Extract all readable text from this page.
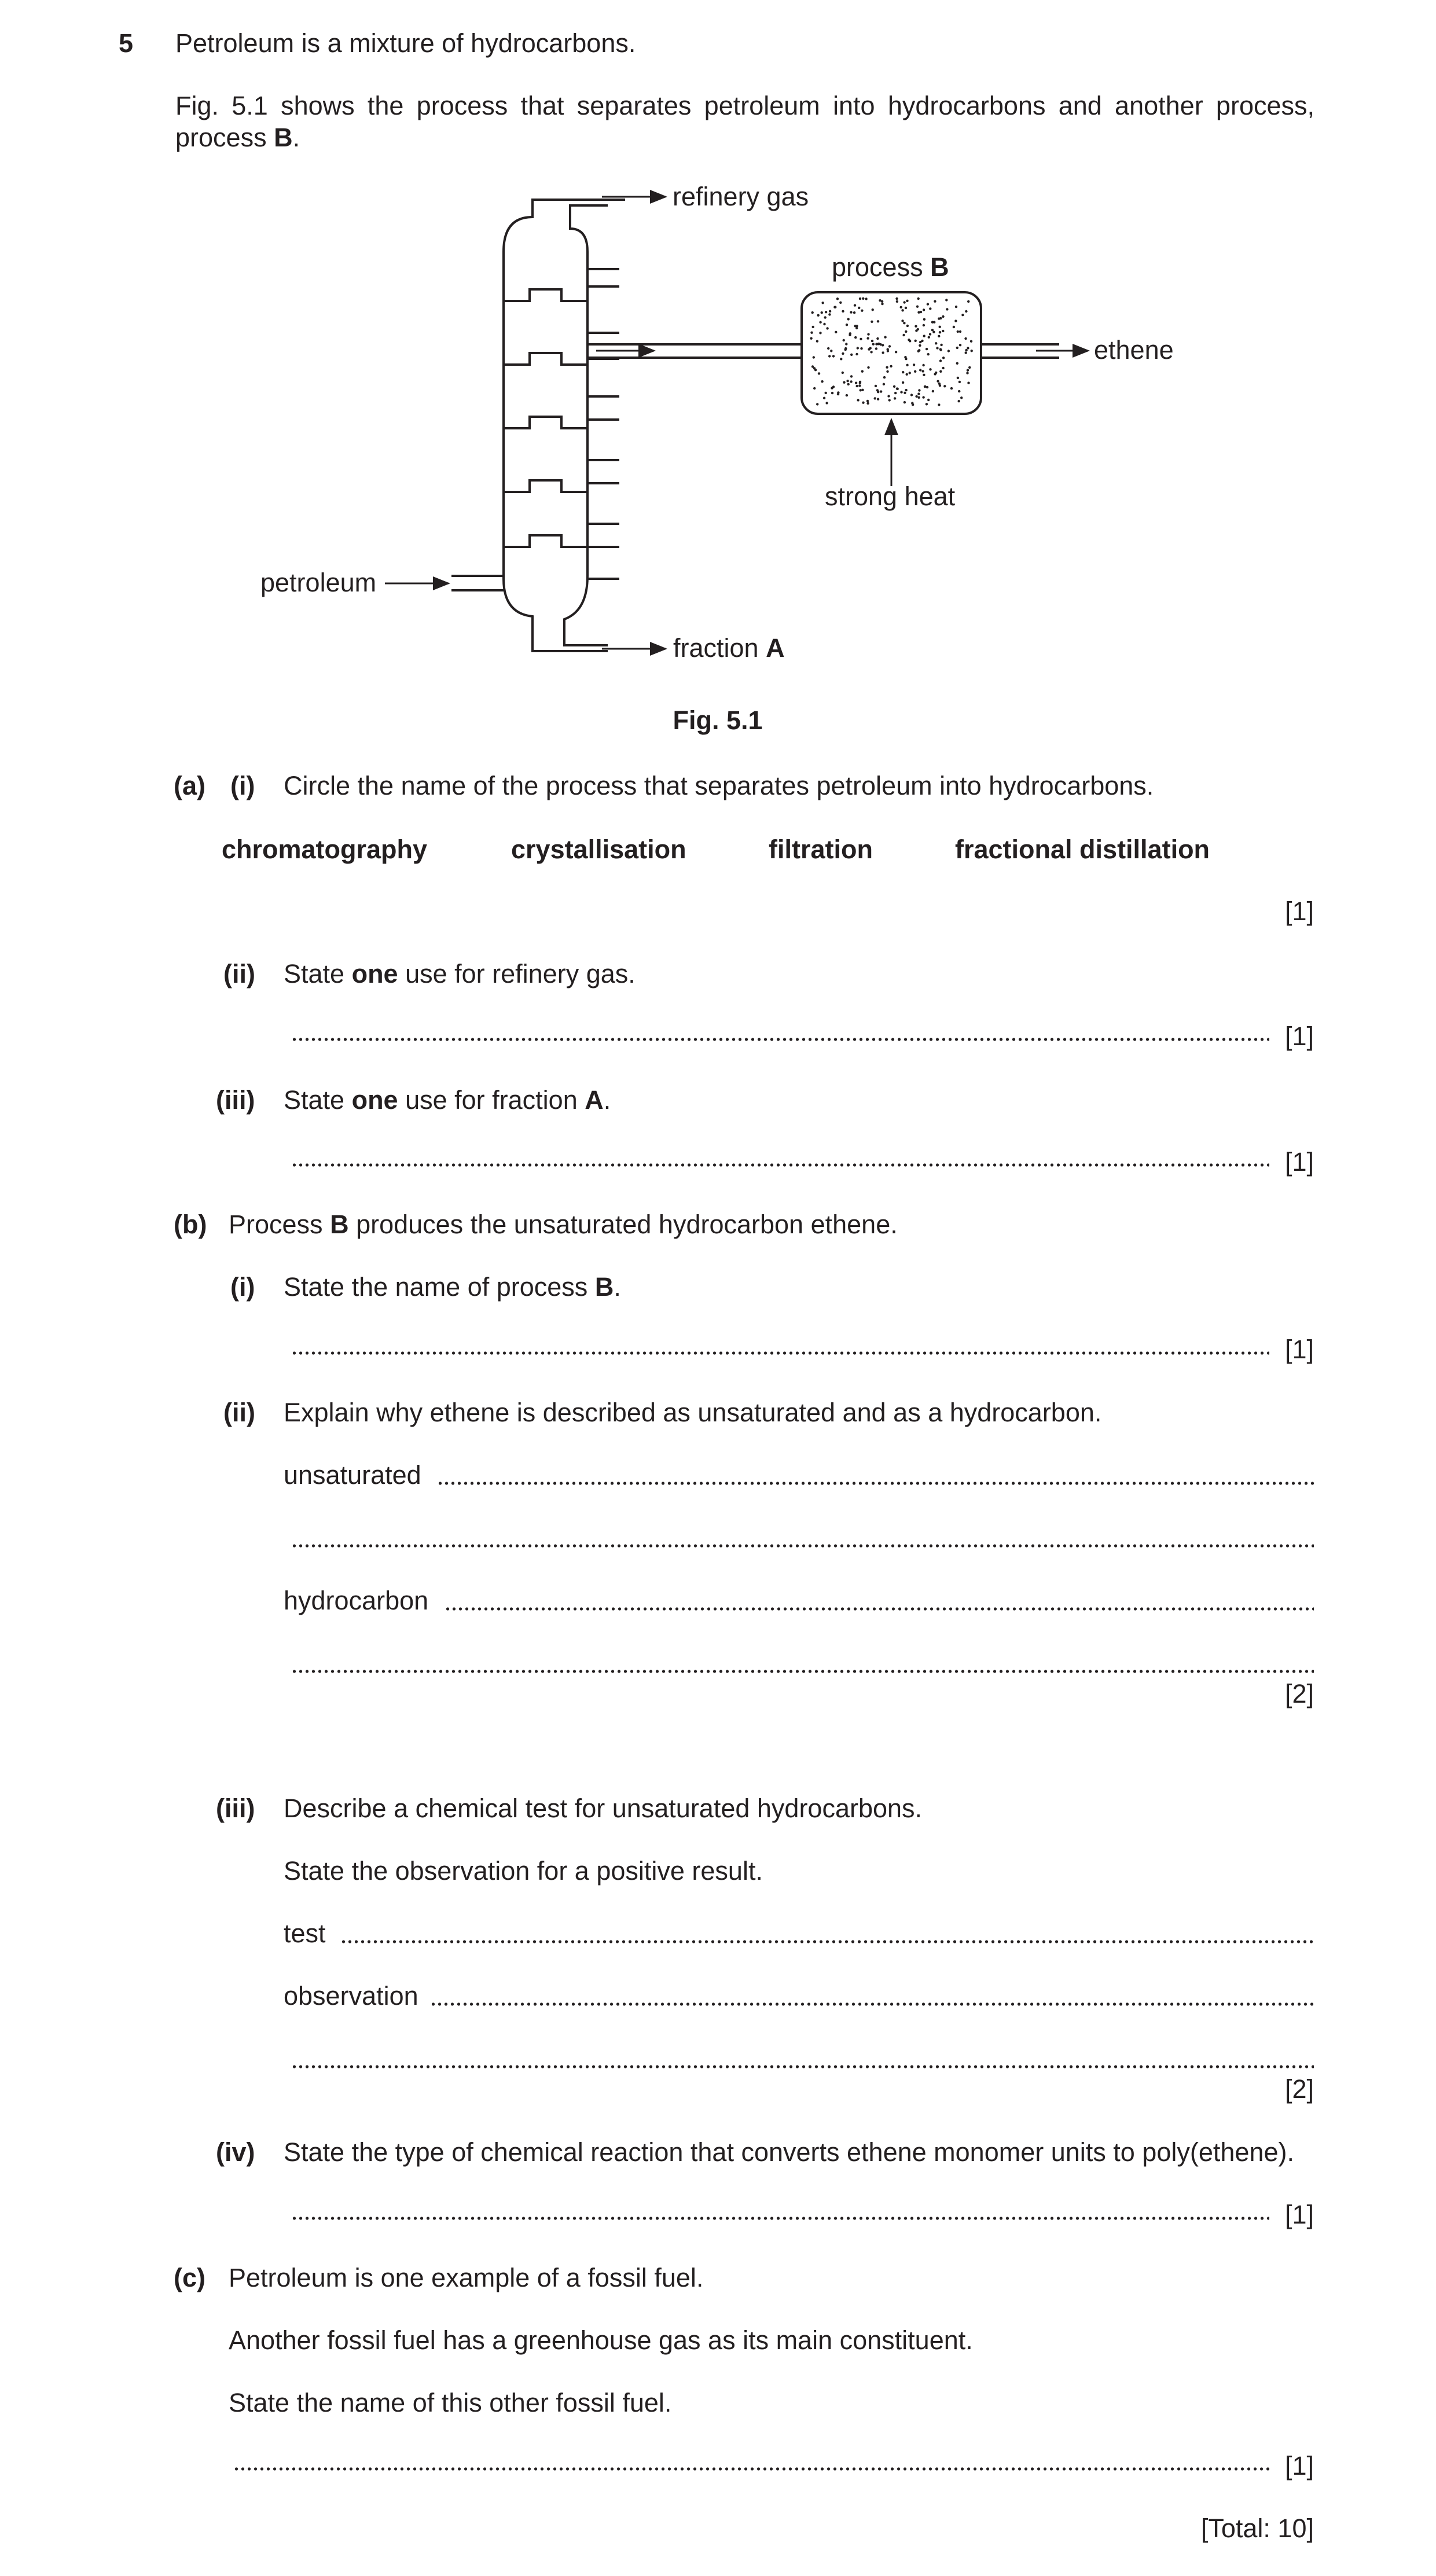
5 Petroleum is a mixture of hydrocarbons.
Fig. 5.1 shows the process that separates petroleum into hydrocarbons and another process,
process B.
refinery gas
process B
ethene
strong heat
petroleum
fraction A
Fig. 5.1
(a) (i) Circle the name of the process that separates petroleum into hydrocarbons.
chromatography	crystallisation	filtration	fractional distillation
[1]
(ii) State one use for refinery gas.
[1]
(iii) State one use for fraction A.
[1]
(b) Process B produces the unsaturated hydrocarbon ethene.
(i) State the name of process B.
[1]
(ii) Explain why ethene is described as unsaturated and as a hydrocarbon.
unsaturated
hydrocarbon
[2]
(iii) Describe a chemical test for unsaturated hydrocarbons.
State the observation for a positive result.
test
observation
[2]
(iv) State the type of chemical reaction that converts ethene monomer units to poly(ethene).
[1]
(c) Petroleum is one example of a fossil fuel.
Another fossil fuel has a greenhouse gas as its main constituent.
State the name of this other fossil fuel.
[1]
[Total: 10]
